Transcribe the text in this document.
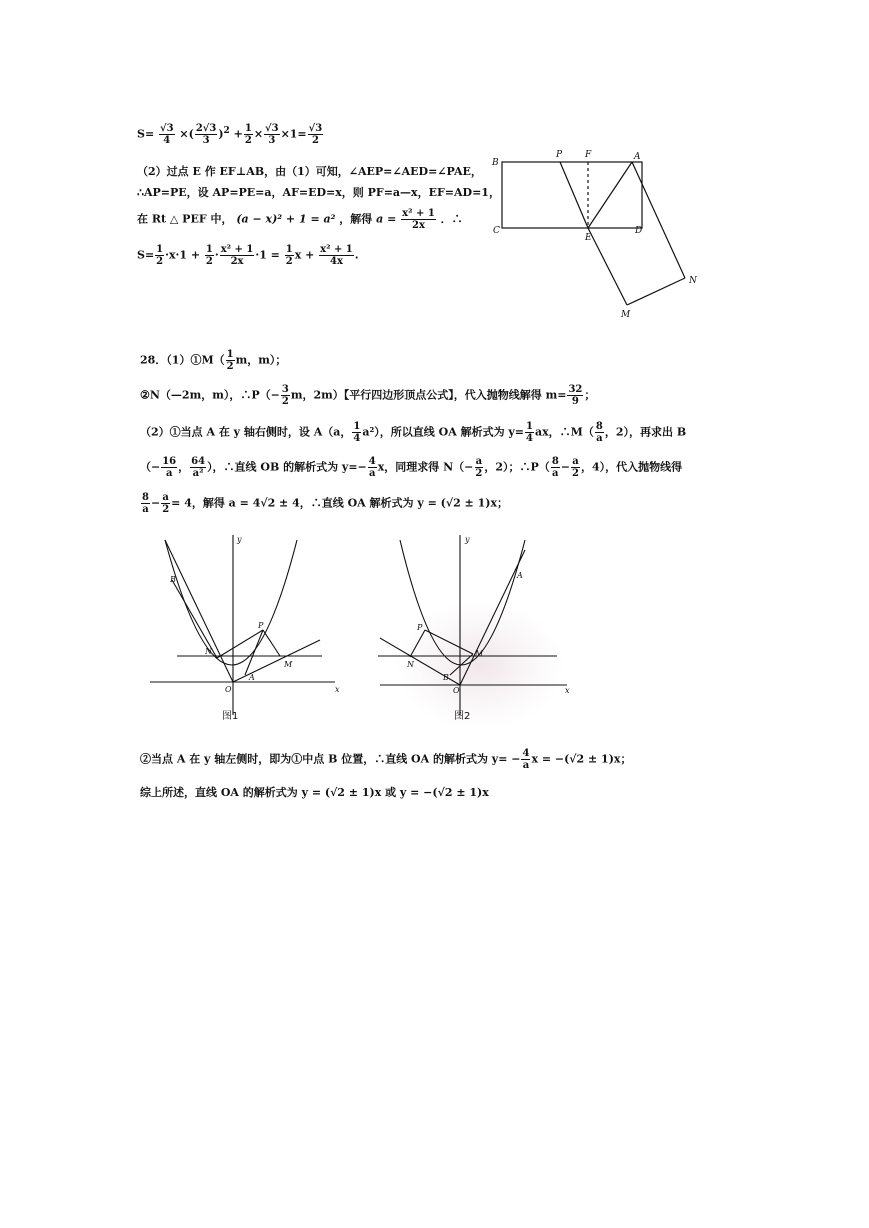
$S= \frac{√3}{4}$ ×( $\frac{2√3}{3} )^2 + \frac{1}{2} \times \frac{√3}{3} \times 1= \frac{√3}{2}$
（2）过点 E 作 EF⊥AB，由（1）可知，∠AEP=∠AED=∠PAE，
∴AP=PE，设 AP=PE=a，AF=ED=x，则 PF=a—x，EF=AD=1，
在 Rt △ PEF 中， (a − x)² + 1 = a² ，解得 $a = \frac{\text{x² + 1}}{2x}$ ．∴
$S= \frac{1}{2} \cdot x\cdot 1 + \frac{1}{2} \cdot \frac{\text{x² + 1}}{2x} \cdot 1 = \frac{1}{2}$ $x + \frac{\text{x² + 1}}{4x}$ .
B
P	F	A
C
E
D
N
M
28．（1）①M（ $\frac{1}{2}$ m，m）；
②N（—2m，m），∴P（− $\frac{3}{2}$ m，2m）【平行四边形顶点公式】，代入抛物线解得 $m= \frac{32}{9}$ ；
（2）①当点 A 在 y 轴右侧时，设 A（a， $\frac{1}{4} a^2$），所以直线 OA 解析式为 $y= \frac{1}{4}$ ax，∴M（ $\frac{8}{a}$ ，2），再求出 B
（− $\frac{16}{a}$ ， $\frac{64}{\text{a²}}$ ），∴直线 OB 的解析式为 $y=- \frac{4}{a}$ x，同理求得 $N(- \frac{a}{2}$ ，2）；∴P（ $\frac{8}{a} - \frac{a}{2}$ ，4），代入抛物线得
$\frac{8}{a} - \frac{a}{2} = 4$，解得 a = 4√2 ± 4，∴直线 OA 解析式为 y = (√2 ± 1)x；
y
B
P
N
M
A
O	x
图1
y
A
P
N
M
B
O	x
图2
②当点 A 在 y 轴左侧时，即为①中点 B 位置，∴直线 OA 的解析式为 $y= - \frac{4}{a}$ x = −(√2 ± 1)x；
综上所述，直线 OA 的解析式为 y = (√2 ± 1)x 或 y = −(√2 ± 1)x
